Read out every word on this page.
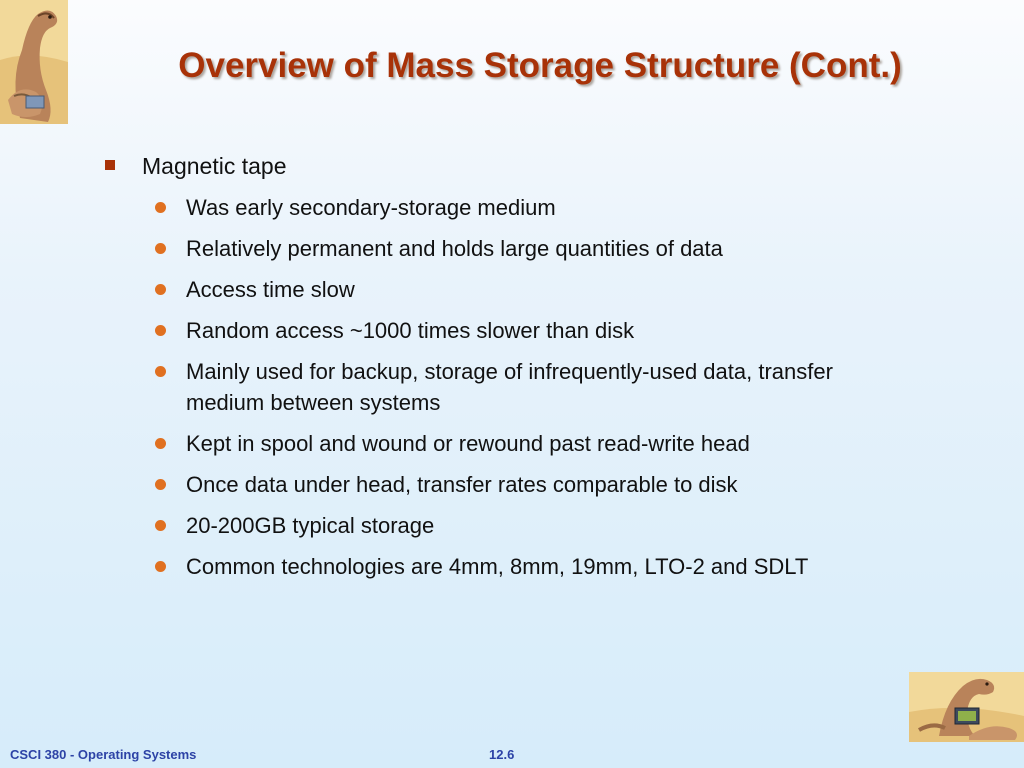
Overview of Mass Storage Structure (Cont.)
Magnetic tape
Was early secondary-storage medium
Relatively permanent and holds large quantities of data
Access time slow
Random access ~1000 times slower than disk
Mainly used for backup, storage of infrequently-used data, transfer medium between systems
Kept in spool and wound or rewound past read-write head
Once data under head, transfer rates comparable to disk
20-200GB typical storage
Common technologies are 4mm, 8mm, 19mm, LTO-2 and SDLT
CSCI 380 - Operating Systems	12.6
